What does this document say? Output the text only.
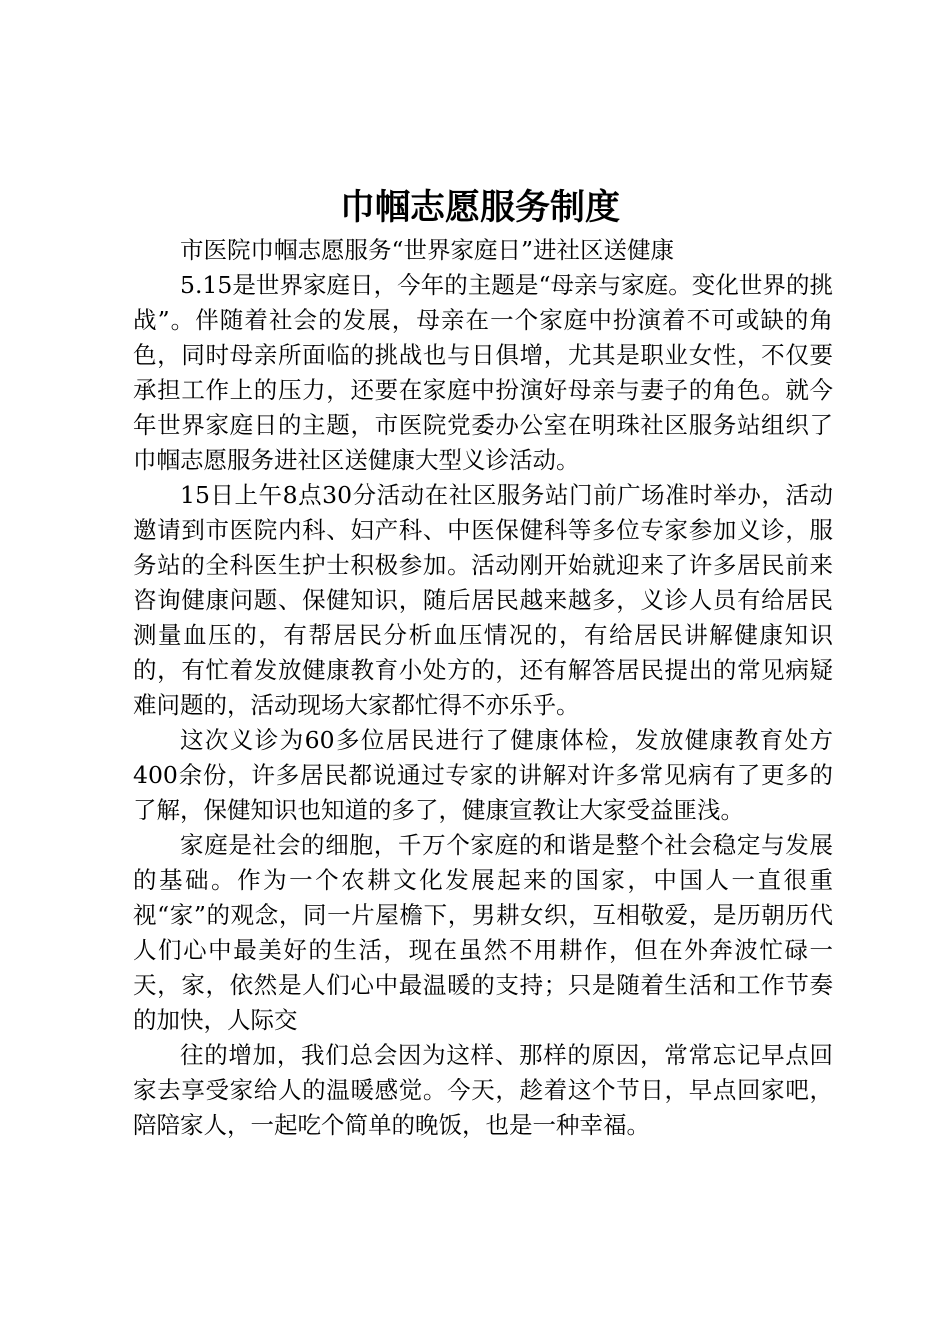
巾帼志愿服务制度

市医院巾帼志愿服务“世界家庭日”进社区送健康

5.15是世界家庭日，今年的主题是“母亲与家庭。变化世界的挑战”。伴随着社会的发展，母亲在一个家庭中扮演着不可或缺的角色，同时母亲所面临的挑战也与日俱增，尤其是职业女性，不仅要承担工作上的压力，还要在家庭中扮演好母亲与妻子的角色。就今年世界家庭日的主题，市医院党委办公室在明珠社区服务站组织了巾帼志愿服务进社区送健康大型义诊活动。

15日上午8点30分活动在社区服务站门前广场准时举办，活动邀请到市医院内科、妇产科、中医保健科等多位专家参加义诊，服务站的全科医生护士积极参加。活动刚开始就迎来了许多居民前来咨询健康问题、保健知识，随后居民越来越多，义诊人员有给居民测量血压的，有帮居民分析血压情况的，有给居民讲解健康知识的，有忙着发放健康教育小处方的，还有解答居民提出的常见病疑难问题的，活动现场大家都忙得不亦乐乎。

这次义诊为60多位居民进行了健康体检，发放健康教育处方400余份，许多居民都说通过专家的讲解对许多常见病有了更多的了解，保健知识也知道的多了，健康宣教让大家受益匪浅。

家庭是社会的细胞，千万个家庭的和谐是整个社会稳定与发展的基础。作为一个农耕文化发展起来的国家，中国人一直很重视“家”的观念，同一片屋檐下，男耕女织，互相敬爱，是历朝历代人们心中最美好的生活，现在虽然不用耕作，但在外奔波忙碌一天，家，依然是人们心中最温暖的支持；只是随着生活和工作节奏的加快，人际交

往的增加，我们总会因为这样、那样的原因，常常忘记早点回家去享受家给人的温暖感觉。今天，趁着这个节日，早点回家吧，陪陪家人，一起吃个简单的晚饭，也是一种幸福。
